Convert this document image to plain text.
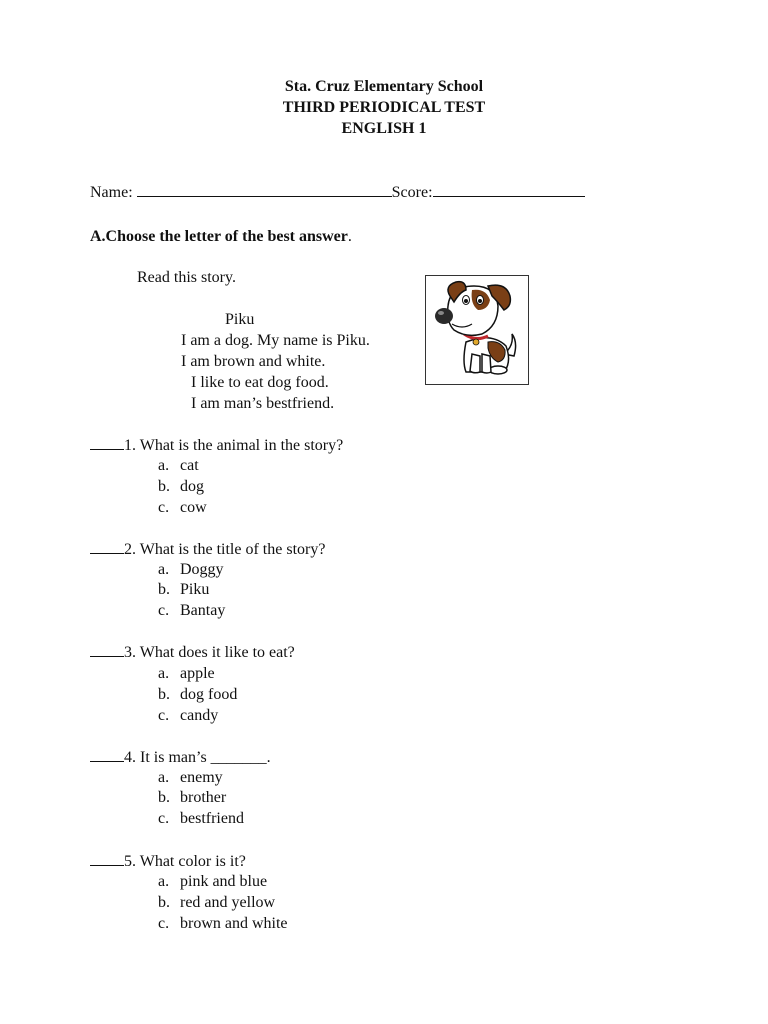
Sta. Cruz Elementary School
THIRD PERIODICAL TEST
ENGLISH 1
Name:	Score:
A.Choose the letter of the best answer.
Read this story.
Piku
I am a dog. My name is Piku.
I am brown and white.
I like to eat dog food.
I am man’s bestfriend.
1. What is the animal in the story?
a. cat
b. dog
c. cow
2. What is the title of the story?
a. Doggy
b. Piku
c. Bantay
3. What does it like to eat?
a. apple
b. dog food
c. candy
4. It is man’s _______.
a. enemy
b. brother
c. bestfriend
5. What color is it?
a. pink and blue
b. red and yellow
c. brown and white
